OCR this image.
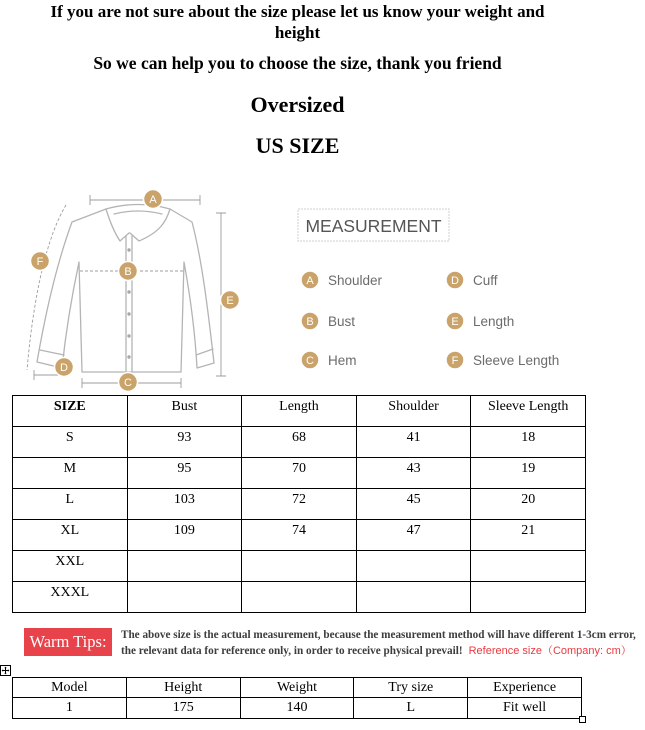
If you are not sure about the size please let us know your weight and
height
So we can help you to choose the size, thank you friend
Oversized
US SIZE
A
B
C
D
E
F
MEASUREMENT
A Shoulder	D Cuff
B Bust	E Length
C Hem	F Sleeve Length
SIZE	Bust	Length	Shoulder	Sleeve Length
S	93	68	41	18
M	95	70	43	19
L	103	72	45	20
XL	109	74	47	21
XXL				
XXXL				
Warm Tips:	The above size is the actual measurement, because the measurement method will have different 1-3cm error,
the relevant data for reference only, in order to receive physical prevail! Reference size（Company: cm）
Model	Height	Weight	Try size	Experience
1	175	140	L	Fit well
